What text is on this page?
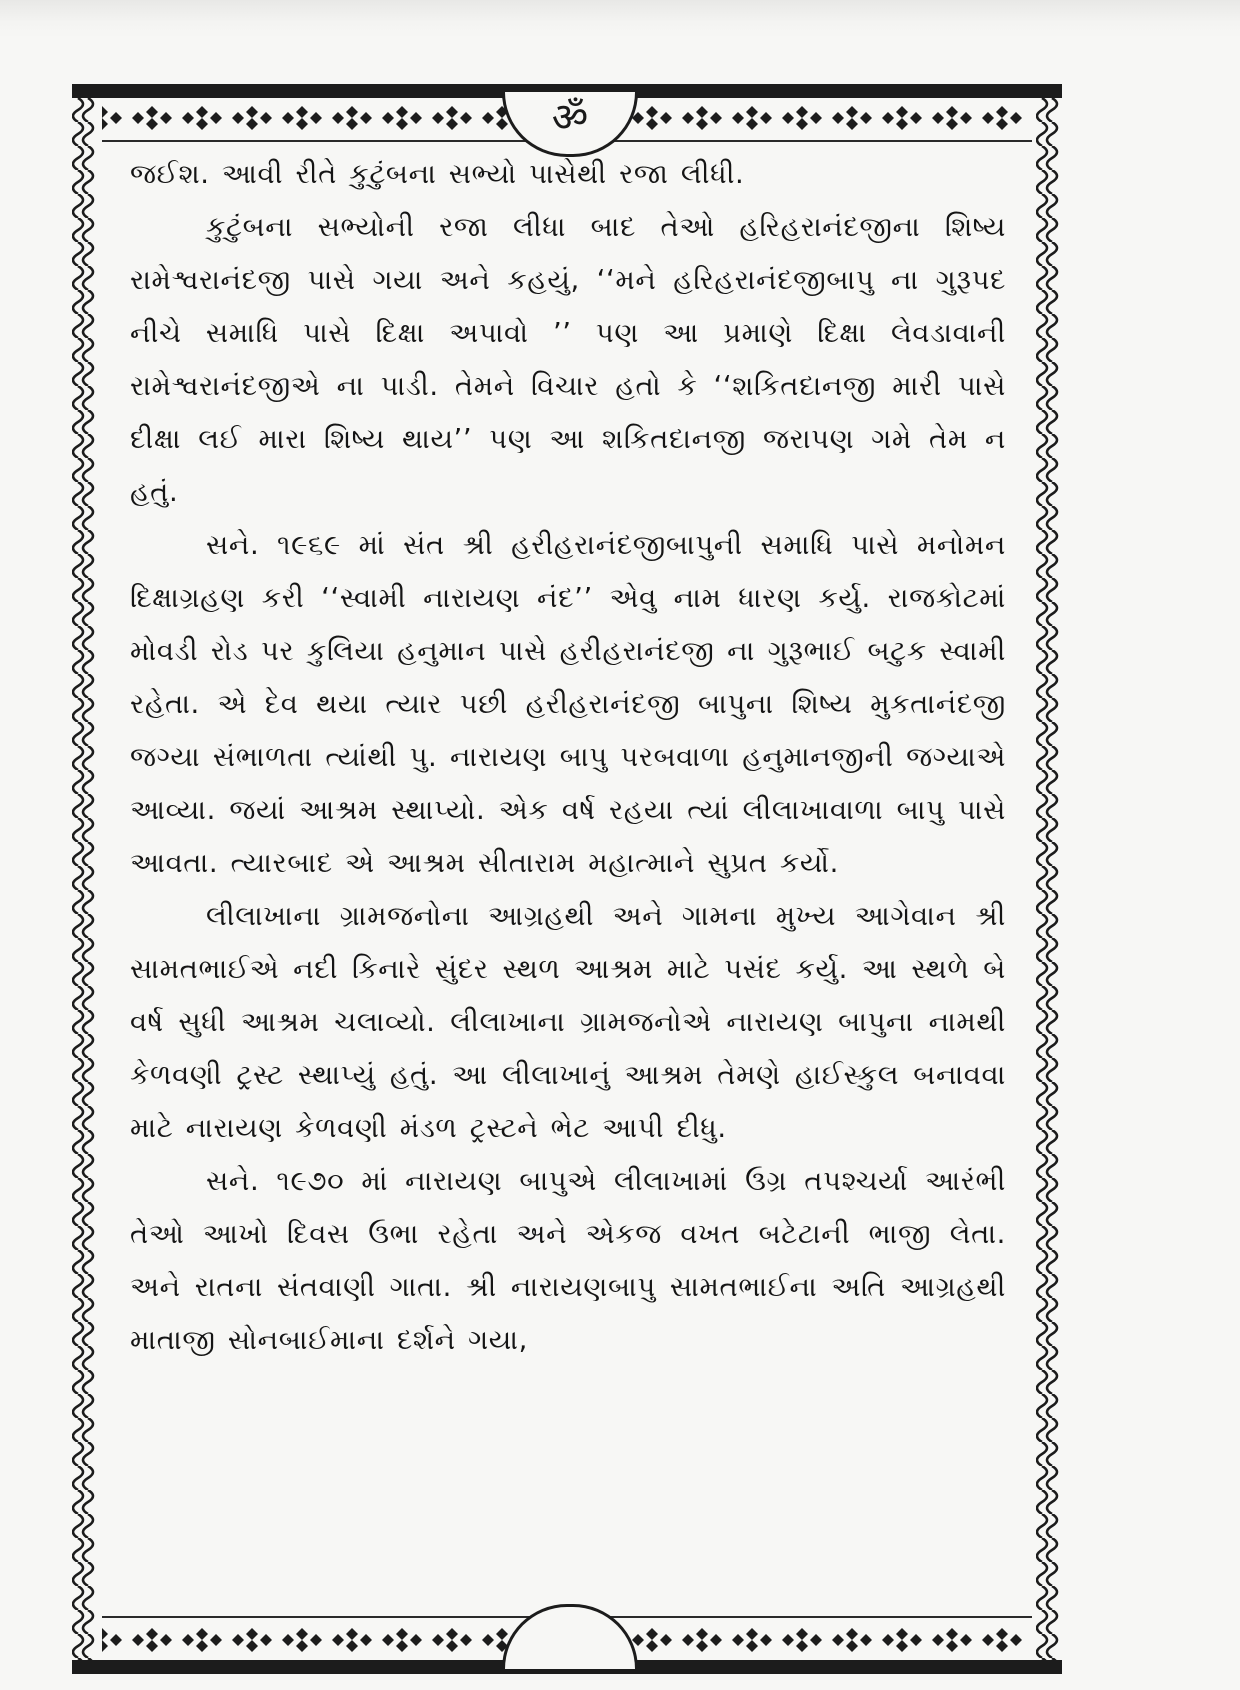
ॐ

જઈશ. આવી રીતે કુટુંબના સભ્યો પાસેથી રજા લીધી.

કુટુંબના સભ્યોની રજા લીધા બાદ તેઓ હરિહરાનંદજીના શિષ્ય રામેશ્વરાનંદજી પાસે ગયા અને કહયું, ‘‘મને હરિહરાનંદજીબાપુ ના ગુરૂપદ નીચે સમાધિ પાસે દિક્ષા અપાવો ’’ પણ આ પ્રમાણે દિક્ષા લેવડાવાની રામેશ્વરાનંદજીએ ના પાડી. તેમને વિચાર હતો કે ‘‘શકિતદાનજી મારી પાસે દીક્ષા લઈ મારા શિષ્ય થાય’’ પણ આ શકિતદાનજી જરાપણ ગમે તેમ ન હતું.

સને. ૧૯૬૯ માં સંત શ્રી હરીહરાનંદજીબાપુની સમાધિ પાસે મનોમન દિક્ષાગ્રહણ કરી ‘‘સ્વામી નારાયણ નંદ’’ એવુ નામ ધારણ કર્યુ. રાજકોટમાં મોવડી રોડ પર કુલિયા હનુમાન પાસે હરીહરાનંદજી ના ગુરૂભાઈ બટુક સ્વામી રહેતા. એ દેવ થયા ત્યાર પછી હરીહરાનંદજી બાપુના શિષ્ય મુકતાનંદજી જગ્યા સંભાળતા ત્યાંથી પુ. નારાયણ બાપુ પરબવાળા હનુમાનજીની જગ્યાએ આવ્યા. જયાં આશ્રમ સ્થાપ્યો. એક વર્ષ રહયા ત્યાં લીલાખાવાળા બાપુ પાસે આવતા. ત્યારબાદ એ આશ્રમ સીતારામ મહાત્માને સુપ્રત કર્યો.

લીલાખાના ગ્રામજનોના આગ્રહથી અને ગામના મુખ્ય આગેવાન શ્રી સામતભાઈએ નદી કિનારે સુંદર સ્થળ આશ્રમ માટે પસંદ કર્યુ. આ સ્થળે બે વર્ષ સુધી આશ્રમ ચલાવ્યો. લીલાખાના ગ્રામજનોએ નારાયણ બાપુના નામથી કેળવણી ટ્રસ્ટ સ્થાપ્યું હતું. આ લીલાખાનું આશ્રમ તેમણે હાઈસ્કુલ બનાવવા માટે નારાયણ કેળવણી મંડળ ટ્રસ્ટને ભેટ આપી દીધુ.

સને. ૧૯૭૦ માં નારાયણ બાપુએ લીલાખામાં ઉગ્ર તપશ્ચર્યા આરંભી તેઓ આખો દિવસ ઉભા રહેતા અને એકજ વખત બટેટાની ભાજી લેતા. અને રાતના સંતવાણી ગાતા. શ્રી નારાયણબાપુ સામતભાઈના અતિ આગ્રહથી માતાજી સોનબાઈમાના દર્શને ગયા,
